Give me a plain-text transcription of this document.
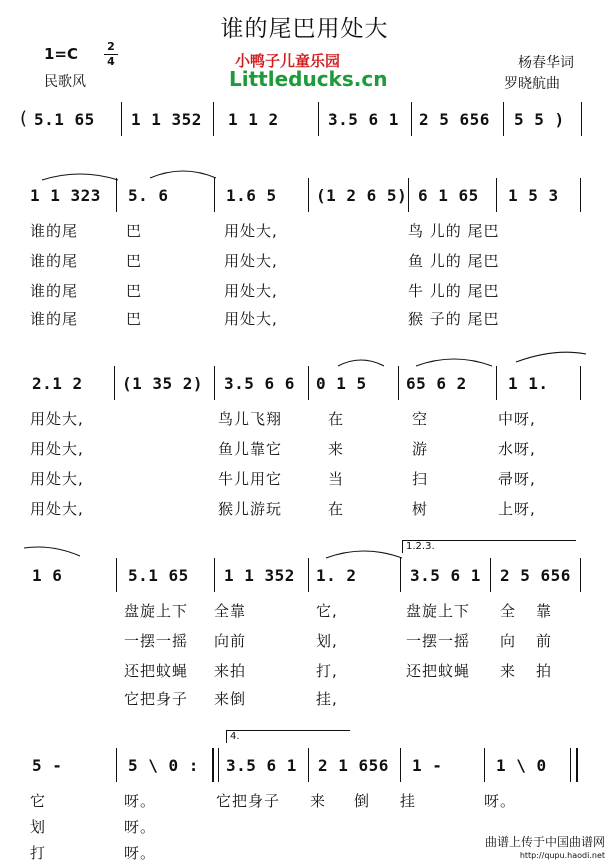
谁的尾巴用处大
1=C	2
4
民歌风
小鸭子儿童乐园
Littleducks.cn
杨春华词
罗晓航曲
( 5.1 65 1 1 352 1 1 2	3.5 6 1 2 5 656 5 5 )
1 1 323 5. 6	1.6 5 (1 2 6 5) 6 1 65 1 5 3
谁的尾	巴	用处大,	鸟 儿的 尾巴
谁的尾	巴	用处大,	鱼 儿的 尾巴
谁的尾	巴	用处大,	牛 儿的 尾巴
谁的尾	巴	用处大,	猴 子的 尾巴
2.1 2 (1 35 2) 3.5 6 6 0 1 5 65 6 2	1 1.
用处大,	鸟儿飞翔	在	空	中呀,
用处大,	鱼儿靠它	来	游	水呀,
用处大,	牛儿用它	当	扫	帚呀,
用处大,	猴儿游玩	在	树	上呀,
1.2.3.
1 6	5.1 65 1 1 352 1. 2	3.5 6 1 2 5 656
盘旋上下 全靠	它,	盘旋上下 全 靠
一摆一摇 向前	划,	一摆一摇 向 前
还把蚊蝇 来拍	打,	还把蚊蝇 来 拍
它把身子 来倒	挂,
4.
5 -	5 \ 0 : 3.5 6 1 2 1 656 1 -	1 \ 0
它	呀。	它把身子 来 倒 挂	呀。
划	呀。
打	呀。
曲谱上传于中国曲谱网
http://qupu.haodi.net
